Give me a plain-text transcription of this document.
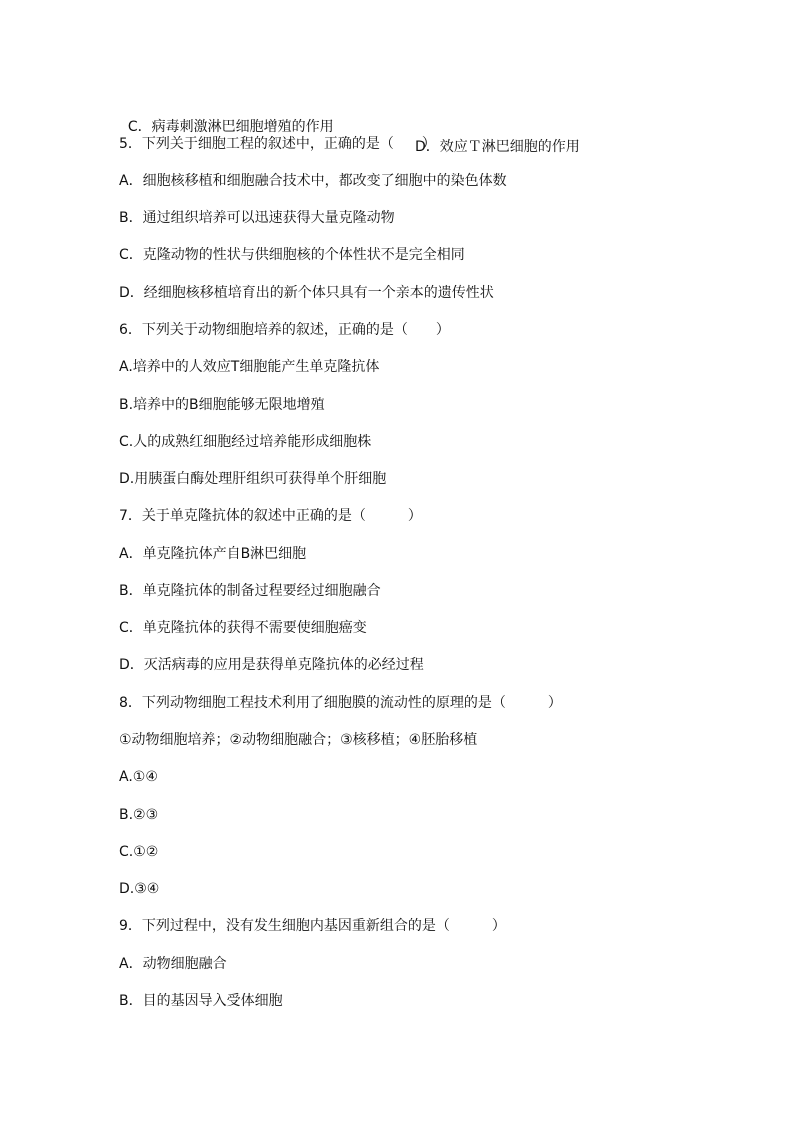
C．病毒刺激淋巴细胞增殖的作用

D．效应Ｔ淋巴细胞的作用

5．下列关于细胞工程的叙述中，正确的是（　　）
A．细胞核移植和细胞融合技术中，都改变了细胞中的染色体数
B．通过组织培养可以迅速获得大量克隆动物
C．克隆动物的性状与供细胞核的个体性状不是完全相同
D．经细胞核移植培育出的新个体只具有一个亲本的遗传性状
6．下列关于动物细胞培养的叙述，正确的是（　　）
A.培养中的人效应T细胞能产生单克隆抗体
B.培养中的B细胞能够无限地增殖
C.人的成熟红细胞经过培养能形成细胞株
D.用胰蛋白酶处理肝组织可获得单个肝细胞
7．关于单克隆抗体的叙述中正确的是（　　　）
A．单克隆抗体产自B淋巴细胞
B．单克隆抗体的制备过程要经过细胞融合
C．单克隆抗体的获得不需要使细胞癌变
D．灭活病毒的应用是获得单克隆抗体的必经过程
8．下列动物细胞工程技术利用了细胞膜的流动性的原理的是（　　　）
①动物细胞培养；②动物细胞融合；③核移植；④胚胎移植
A.①④
B.②③
C.①②
D.③④
9．下列过程中，没有发生细胞内基因重新组合的是（　　　）
A．动物细胞融合
B．目的基因导入受体细胞
